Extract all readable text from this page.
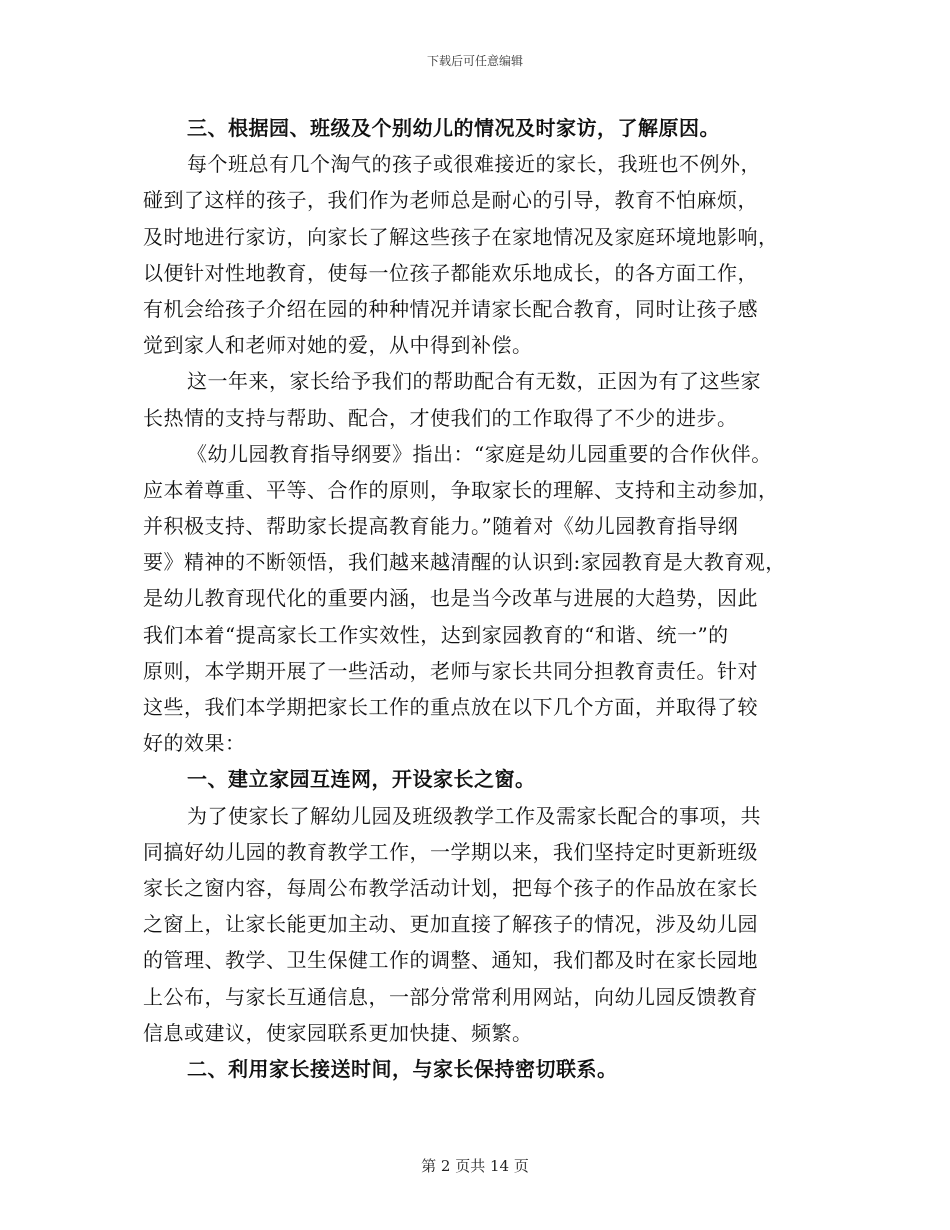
下载后可任意编辑
三、根据园、班级及个别幼儿的情况及时家访，了解原因。
每个班总有几个淘气的孩子或很难接近的家长，我班也不例外，
碰到了这样的孩子，我们作为老师总是耐心的引导，教育不怕麻烦，
及时地进行家访，向家长了解这些孩子在家地情况及家庭环境地影响，
以便针对性地教育，使每一位孩子都能欢乐地成长，的各方面工作，
有机会给孩子介绍在园的种种情况并请家长配合教育，同时让孩子感
觉到家人和老师对她的爱，从中得到补偿。
这一年来，家长给予我们的帮助配合有无数，正因为有了这些家
长热情的支持与帮助、配合，才使我们的工作取得了不少的进步。
《幼儿园教育指导纲要》指出：“家庭是幼儿园重要的合作伙伴。
应本着尊重、平等、合作的原则，争取家长的理解、支持和主动参加，
并积极支持、帮助家长提高教育能力。”随着对《幼儿园教育指导纲
要》精神的不断领悟，我们越来越清醒的认识到:家园教育是大教育观，
是幼儿教育现代化的重要内涵，也是当今改革与进展的大趋势，因此
我们本着“提高家长工作实效性，达到家园教育的“和谐、统一”的
原则，本学期开展了一些活动，老师与家长共同分担教育责任。针对
这些，我们本学期把家长工作的重点放在以下几个方面，并取得了较
好的效果：
一、建立家园互连网，开设家长之窗。
为了使家长了解幼儿园及班级教学工作及需家长配合的事项，共
同搞好幼儿园的教育教学工作，一学期以来，我们坚持定时更新班级
家长之窗内容，每周公布教学活动计划，把每个孩子的作品放在家长
之窗上，让家长能更加主动、更加直接了解孩子的情况，涉及幼儿园
的管理、教学、卫生保健工作的调整、通知，我们都及时在家长园地
上公布，与家长互通信息，一部分常常利用网站，向幼儿园反馈教育
信息或建议，使家园联系更加快捷、频繁。
二、利用家长接送时间，与家长保持密切联系。
第 2 页共 14 页
